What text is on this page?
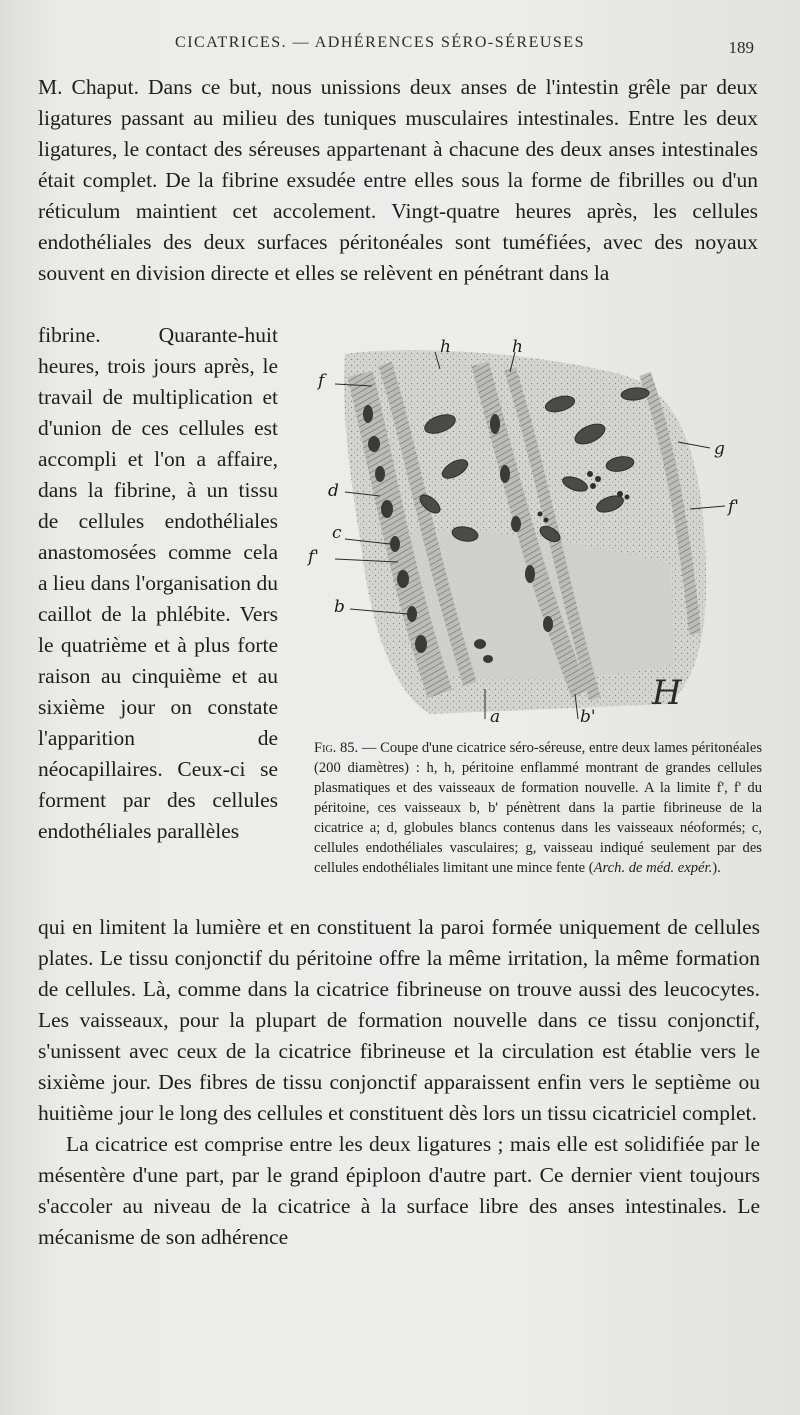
CICATRICES. — ADHÉRENCES SÉRO-SÉREUSES	189

M. Chaput. Dans ce but, nous unissions deux anses de l'intestin grêle par deux ligatures passant au milieu des tuniques musculaires intestinales. Entre les deux ligatures, le contact des séreuses appartenant à chacune des deux anses intestinales était complet. De la fibrine exsudée entre elles sous la forme de fibrilles ou d'un réticulum maintient cet accolement. Vingt-quatre heures après, les cellules endothéliales des deux surfaces péritonéales sont tuméfiées, avec des noyaux souvent en division directe et elles se relèvent en pénétrant dans la

fibrine. Quarante-huit heures, trois jours après, le travail de multiplication et d'union de ces cellules est accompli et l'on a affaire, dans la fibrine, à un tissu de cellules endothéliales anastomosées comme cela a lieu dans l'organisation du caillot de la phlébite. Vers le quatrième et à plus forte raison au cinquième et au sixième jour on constate l'apparition de néocapillaires. Ceux-ci se forment par des cellules endothéliales parallèles

h	h
f
g
f'
d
c
f'
b
a	b'
H
Fig. 85. — Coupe d'une cicatrice séro-séreuse, entre deux lames péritonéales (200 diamètres) : h, h, péritoine enflammé montrant de grandes cellules plasmatiques et des vaisseaux de formation nouvelle. A la limite f', f' du péritoine, ces vaisseaux b, b' pénètrent dans la partie fibrineuse de la cicatrice a; d, globules blancs contenus dans les vaisseaux néoformés; c, cellules endothéliales vasculaires; g, vaisseau indiqué seulement par des cellules endothéliales limitant une mince fente (Arch. de méd. expér.).

qui en limitent la lumière et en constituent la paroi formée uniquement de cellules plates. Le tissu conjonctif du péritoine offre la même irritation, la même formation de cellules. Là, comme dans la cicatrice fibrineuse on trouve aussi des leucocytes. Les vaisseaux, pour la plupart de formation nouvelle dans ce tissu conjonctif, s'unissent avec ceux de la cicatrice fibrineuse et la circulation est établie vers le sixième jour. Des fibres de tissu conjonctif apparaissent enfin vers le septième ou huitième jour le long des cellules et constituent dès lors un tissu cicatriciel complet.

La cicatrice est comprise entre les deux ligatures ; mais elle est solidifiée par le mésentère d'une part, par le grand épiploon d'autre part. Ce dernier vient toujours s'accoler au niveau de la cicatrice à la surface libre des anses intestinales. Le mécanisme de son adhérence
